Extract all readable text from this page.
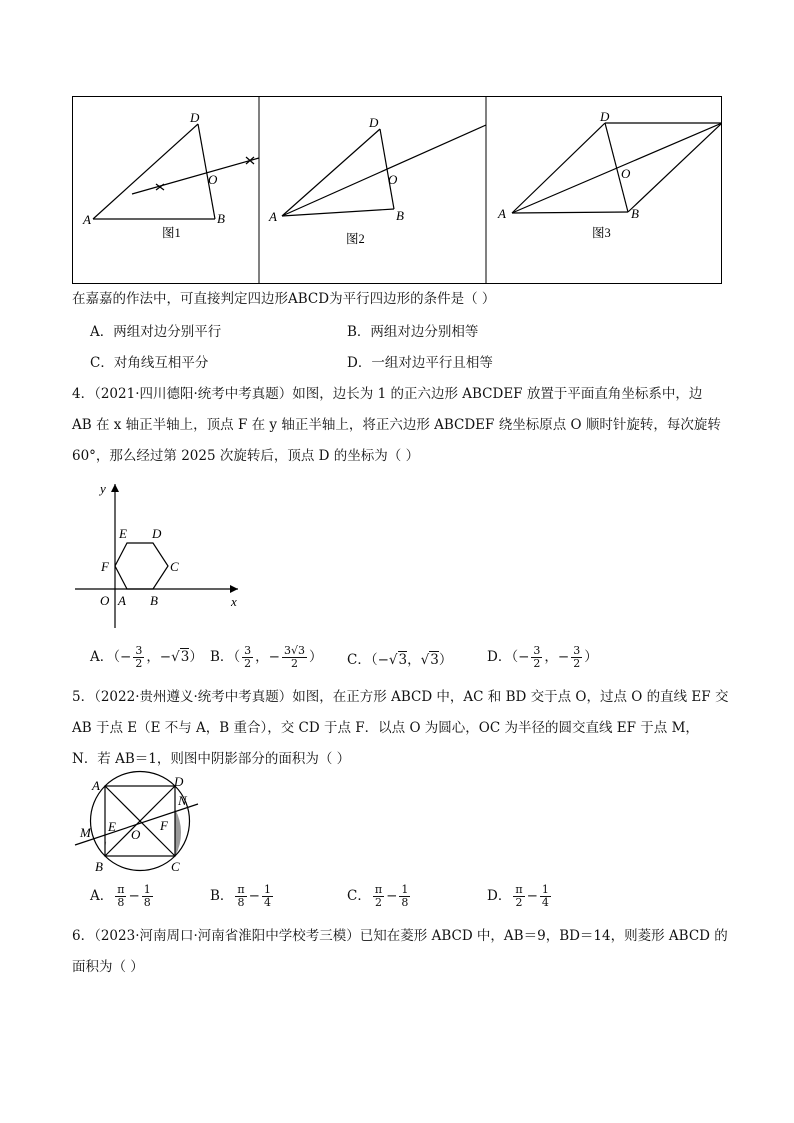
D
O
A	B
图1
D
O
A	B
图2
D
O
A	B
图3
在嘉嘉的作法中，可直接判定四边形ABCD为平行四边形的条件是（ ）
A．两组对边分别平行	B．两组对边分别相等
C．对角线互相平分	D．一组对边平行且相等
4．（2021·四川德阳·统考中考真题）如图，边长为 1 的正六边形 ABCDEF 放置于平面直角坐标系中，边
AB 在 x 轴正半轴上，顶点 F 在 y 轴正半轴上，将正六边形 ABCDEF 绕坐标原点 O 顺时针旋转，每次旋转
60°，那么经过第 2025 次旋转后，顶点 D 的坐标为（ ）
y
x
E D
F	C
O A B
A．（− $\frac{3}{2}$ ，−√3） B．（ $\frac{3}{2}$ ，− $\frac{3√3}{2}$ ） C．（−√3，√3）	D．（− $\frac{3}{2}$ ，− $\frac{3}{2}$ ）
5．（2022·贵州遵义·统考中考真题）如图，在正方形 ABCD 中，AC 和 BD 交于点 O，过点 O 的直线 EF 交
AB 于点 E（E 不与 A，B 重合），交 CD 于点 F．以点 O 为圆心，OC 为半径的圆交直线 EF 于点 M，
N．若 AB＝1，则图中阴影部分的面积为（ ）
A	D
N
M E
O
F
B	C
A． $\frac{\pi}{8} - \frac{1}{8}$	B． $\frac{\pi}{8} - \frac{1}{4}$	C． $\frac{\pi}{2} - \frac{1}{8}$	D． $\frac{\pi}{2} - \frac{1}{4}$
6．（2023·河南周口·河南省淮阳中学校考三模）已知在菱形 ABCD 中，AB＝9，BD＝14，则菱形 ABCD 的
面积为（ ）
